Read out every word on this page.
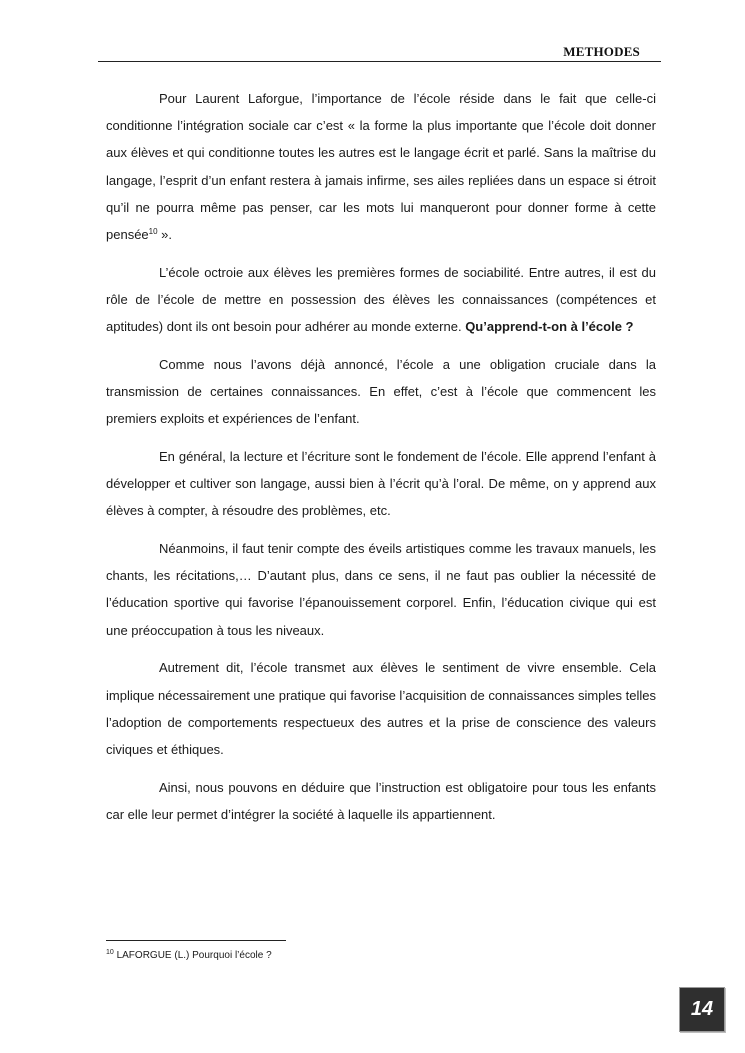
METHODES

Pour Laurent Laforgue, l’importance de l’école réside dans le fait que celle-ci conditionne l’intégration sociale car c’est « la forme la plus importante que l’école doit donner aux élèves et qui conditionne toutes les autres est le langage écrit et parlé. Sans la maîtrise du langage, l’esprit d’un enfant restera à jamais infirme, ses ailes repliées dans un espace si étroit qu’il ne pourra même pas penser, car les mots lui manqueront pour donner forme à cette pensée$^{10}$ ».

L’école octroie aux élèves les premières formes de sociabilité. Entre autres, il est du rôle de l’école de mettre en possession des élèves les connaissances (compétences et aptitudes) dont ils ont besoin pour adhérer au monde externe. Qu’apprend-t-on à l’école ?

Comme nous l’avons déjà annoncé, l’école a une obligation cruciale dans la transmission de certaines connaissances. En effet, c’est à l’école que commencent les premiers exploits et expériences de l’enfant.

En général, la lecture et l’écriture sont le fondement de l’école. Elle apprend l’enfant à développer et cultiver son langage, aussi bien à l’écrit qu’à l’oral. De même, on y apprend aux élèves à compter, à résoudre des problèmes, etc.

Néanmoins, il faut tenir compte des éveils artistiques comme les travaux manuels, les chants, les récitations,… D’autant plus, dans ce sens, il ne faut pas oublier la nécessité de l’éducation sportive qui favorise l’épanouissement corporel. Enfin, l’éducation civique qui est une préoccupation à tous les niveaux.

Autrement dit, l’école transmet aux élèves le sentiment de vivre ensemble. Cela implique nécessairement une pratique qui favorise l’acquisition de connaissances simples telles l’adoption de comportements respectueux des autres et la prise de conscience des valeurs civiques et éthiques.

Ainsi, nous pouvons en déduire que l’instruction est obligatoire pour tous les enfants car elle leur permet d’intégrer la société à laquelle ils appartiennent.

$^{10}$ LAFORGUE (L.) Pourquoi l’école ?
14
